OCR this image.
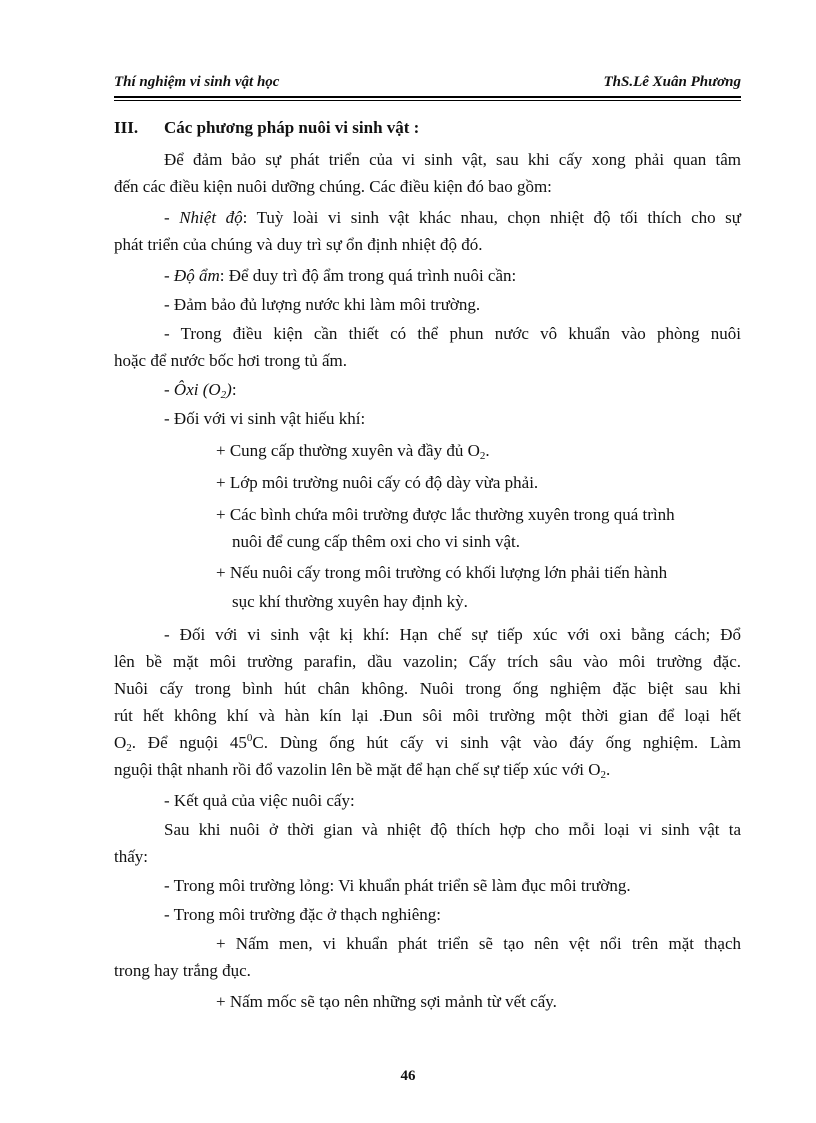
Thí nghiệm vi sinh vật học	ThS.Lê Xuân Phương
III. Các phương pháp nuôi vi sinh vật :
Để đảm bảo sự phát triển của vi sinh vật, sau khi cấy xong phải quan tâm
đến các điều kiện nuôi dưỡng chúng. Các điều kiện đó bao gồm:
- Nhiệt độ: Tuỳ loài vi sinh vật khác nhau, chọn nhiệt độ tối thích cho sự
phát triển của chúng và duy trì sự ổn định nhiệt độ đó.
- Độ ẩm: Để duy trì độ ẩm trong quá trình nuôi cần:
- Đảm bảo đủ lượng nước khi làm môi trường.
- Trong điều kiện cần thiết có thể phun nước vô khuẩn vào phòng nuôi
hoặc để nước bốc hơi trong tủ ấm.
- Ôxi $(O_2)$:
- Đối với vi sinh vật hiếu khí:
+ Cung cấp thường xuyên và đầy đủ $O_2$.
+ Lớp môi trường nuôi cấy có độ dày vừa phải.
+ Các bình chứa môi trường được lắc thường xuyên trong quá trình
nuôi để cung cấp thêm oxi cho vi sinh vật.
+ Nếu nuôi cấy trong môi trường có khối lượng lớn phải tiến hành
sục khí thường xuyên hay định kỳ.
- Đối với vi sinh vật kị khí: Hạn chế sự tiếp xúc với oxi bằng cách; Đổ
lên bề mặt môi trường parafin, dầu vazolin; Cấy trích sâu vào môi trường đặc.
Nuôi cấy trong bình hút chân không. Nuôi trong ống nghiệm đặc biệt sau khi
rút hết không khí và hàn kín lại .Đun sôi môi trường một thời gian để loại hết
$O_2$. Để nguội $45^0C$. Dùng ống hút cấy vi sinh vật vào đáy ống nghiệm. Làm
nguội thật nhanh rồi đổ vazolin lên bề mặt để hạn chế sự tiếp xúc với $O_2$.
- Kết quả của việc nuôi cấy:
Sau khi nuôi ở thời gian và nhiệt độ thích hợp cho mỗi loại vi sinh vật ta
thấy:
- Trong môi trường lỏng: Vi khuẩn phát triển sẽ làm đục môi trường.
- Trong môi trường đặc ở thạch nghiêng:
+ Nấm men, vi khuẩn phát triển sẽ tạo nên vệt nổi trên mặt thạch
trong hay trắng đục.
+ Nấm mốc sẽ tạo nên những sợi mảnh từ vết cấy.
46
